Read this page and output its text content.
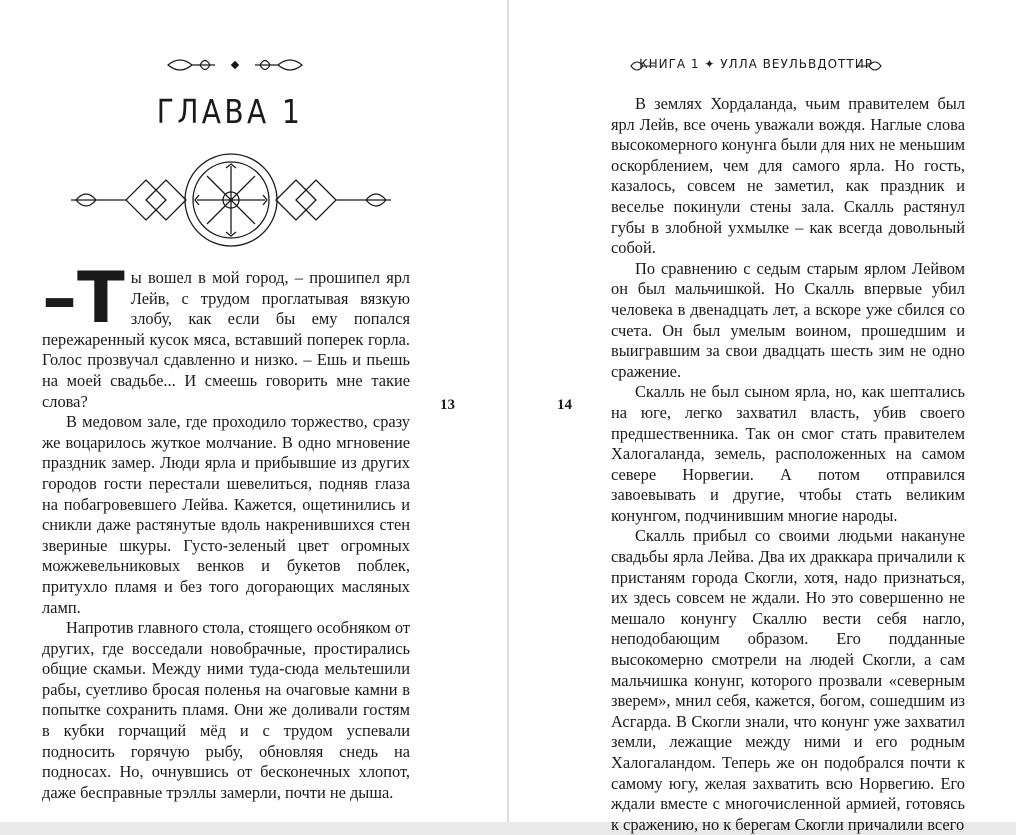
ГЛАВА 1

–Т ы вошел в мой город, – прошипел ярл Лейв, с трудом проглатывая вязкую злобу, как если бы ему попался пережаренный кусок мяса, вставший поперек горла. Голос прозвучал сдавленно и низко. – Ешь и пьешь на моей свадьбе... И смеешь говорить мне такие слова?

В медовом зале, где проходило торжество, сразу же воцарилось жуткое молчание. В одно мгновение праздник замер. Люди ярла и прибывшие из других городов гости перестали шевелиться, подняв глаза на побагровевшего Лейва. Кажется, ощетинились и сникли даже растянутые вдоль накренившихся стен звериные шкуры. Густо-зеленый цвет огромных можжевельниковых венков и букетов поблек, притухло пламя и без того догорающих масляных ламп.

Напротив главного стола, стоящего особняком от других, где восседали новобрачные, простирались общие скамьи. Между ними туда-сюда мельтешили рабы, суетливо бросая поленья на очаговые камни в попытке сохранить пламя. Они же доливали гостям в кубки горчащий мёд и с трудом успевали подносить горячую рыбу, обновляя снедь на подносах. Но, очнувшись от бесконечных хлопот, даже бесправные трэллы замерли, почти не дыша.

13
КНИГА 1 ✦ УЛЛА ВЕУЛЬВДОТТИР
14

В землях Хордаланда, чьим правителем был ярл Лейв, все очень уважали вождя. Наглые слова высокомерного конунга были для них не меньшим оскорблением, чем для самого ярла. Но гость, казалось, совсем не заметил, как праздник и веселье покинули стены зала. Скалль растянул губы в злобной ухмылке – как всегда довольный собой.

По сравнению с седым старым ярлом Лейвом он был мальчишкой. Но Скалль впервые убил человека в двенадцать лет, а вскоре уже сбился со счета. Он был умелым воином, прошедшим и выигравшим за свои двадцать шесть зим не одно сражение.

Скалль не был сыном ярла, но, как шептались на юге, легко захватил власть, убив своего предшественника. Так он смог стать правителем Халогаланда, земель, расположенных на самом севере Норвегии. А потом отправился завоевывать и другие, чтобы стать великим конунгом, подчинившим многие народы.

Скалль прибыл со своими людьми накануне свадьбы ярла Лейва. Два их драккара причалили к пристаням города Скогли, хотя, надо признаться, их здесь совсем не ждали. Но это совершенно не мешало конунгу Скаллю вести себя нагло, неподобающим образом. Его подданные высокомерно смотрели на людей Скогли, а сам мальчишка конунг, которого прозвали «северным зверем», мнил себя, кажется, богом, сошедшим из Асгарда. В Скогли знали, что конунг уже захватил земли, лежащие между ними и его родным Халогаландом. Теперь же он подобрался почти к самому югу, желая захватить всю Норвегию. Его ждали вместе с многочисленной армией, готовясь к сражению, но к берегам Скогли причалили всего
